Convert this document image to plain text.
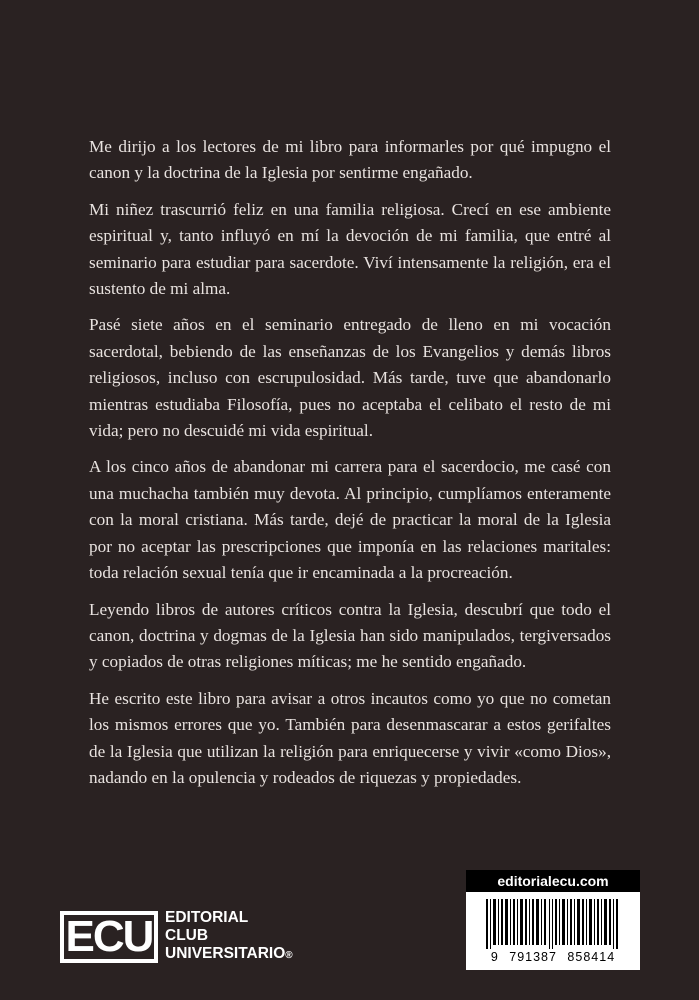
Me dirijo a los lectores de mi libro para informarles por qué impugno el canon y la doctrina de la Iglesia por sentirme engañado.

Mi niñez trascurrió feliz en una familia religiosa. Crecí en ese ambiente espiritual y, tanto influyó en mí la devoción de mi familia, que entré al seminario para estudiar para sacerdote. Viví intensamente la religión, era el sustento de mi alma.

Pasé siete años en el seminario entregado de lleno en mi vocación sacerdotal, bebiendo de las enseñanzas de los Evangelios y demás libros religiosos, incluso con escrupulosidad. Más tarde, tuve que abandonarlo mientras estudiaba Filosofía, pues no aceptaba el celibato el resto de mi vida; pero no descuidé mi vida espiritual.

A los cinco años de abandonar mi carrera para el sacerdocio, me casé con una muchacha también muy devota. Al principio, cumplíamos enteramente con la moral cristiana. Más tarde, dejé de practicar la moral de la Iglesia por no aceptar las prescripciones que imponía en las relaciones maritales: toda relación sexual tenía que ir encaminada a la procreación.

Leyendo libros de autores críticos contra la Iglesia, descubrí que todo el canon, doctrina y dogmas de la Iglesia han sido manipulados, tergiversados y copiados de otras religiones míticas; me he sentido engañado.

He escrito este libro para avisar a otros incautos como yo que no cometan los mismos errores que yo. También para desenmascarar a estos gerifaltes de la Iglesia que utilizan la religión para enriquecerse y vivir «como Dios», nadando en la opulencia y rodeados de riquezas y propiedades.

ECU EDITORIAL
CLUB
UNIVERSITARIO®
editorialecu.com
9 791387 858414
